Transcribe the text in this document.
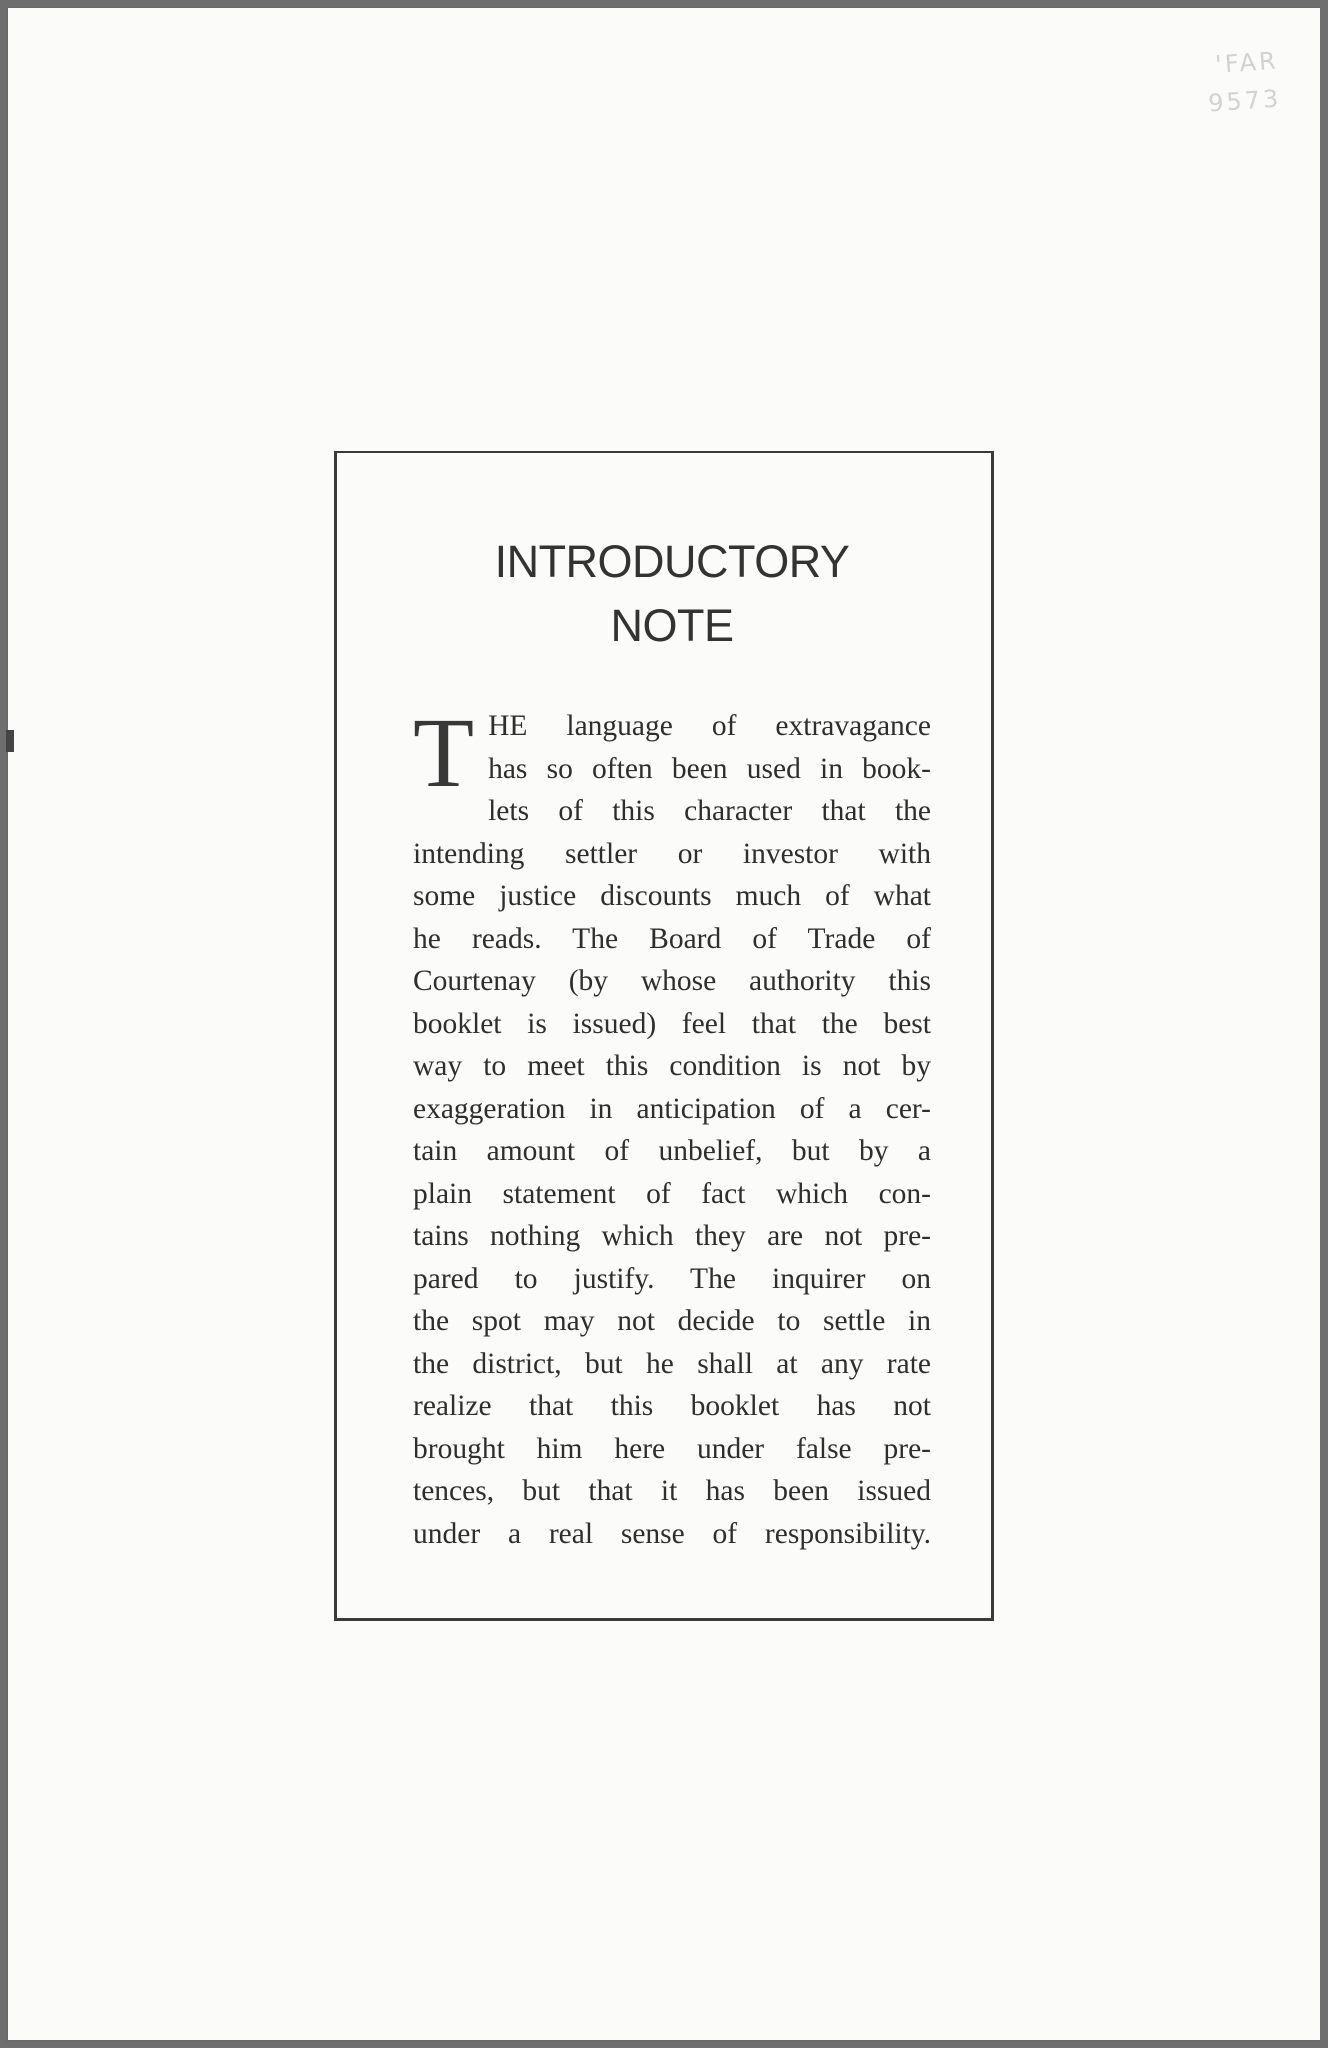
'FAR
9573
INTRODUCTORY
NOTE
T HE language of extravagance
has so often been used in book-
lets of this character that the
intending settler or investor with
some justice discounts much of what
he reads. The Board of Trade of
Courtenay (by whose authority this
booklet is issued) feel that the best
way to meet this condition is not by
exaggeration in anticipation of a cer-
tain amount of unbelief, but by a
plain statement of fact which con-
tains nothing which they are not pre-
pared to justify. The inquirer on
the spot may not decide to settle in
the district, but he shall at any rate
realize that this booklet has not
brought him here under false pre-
tences, but that it has been issued
under a real sense of responsibility.
